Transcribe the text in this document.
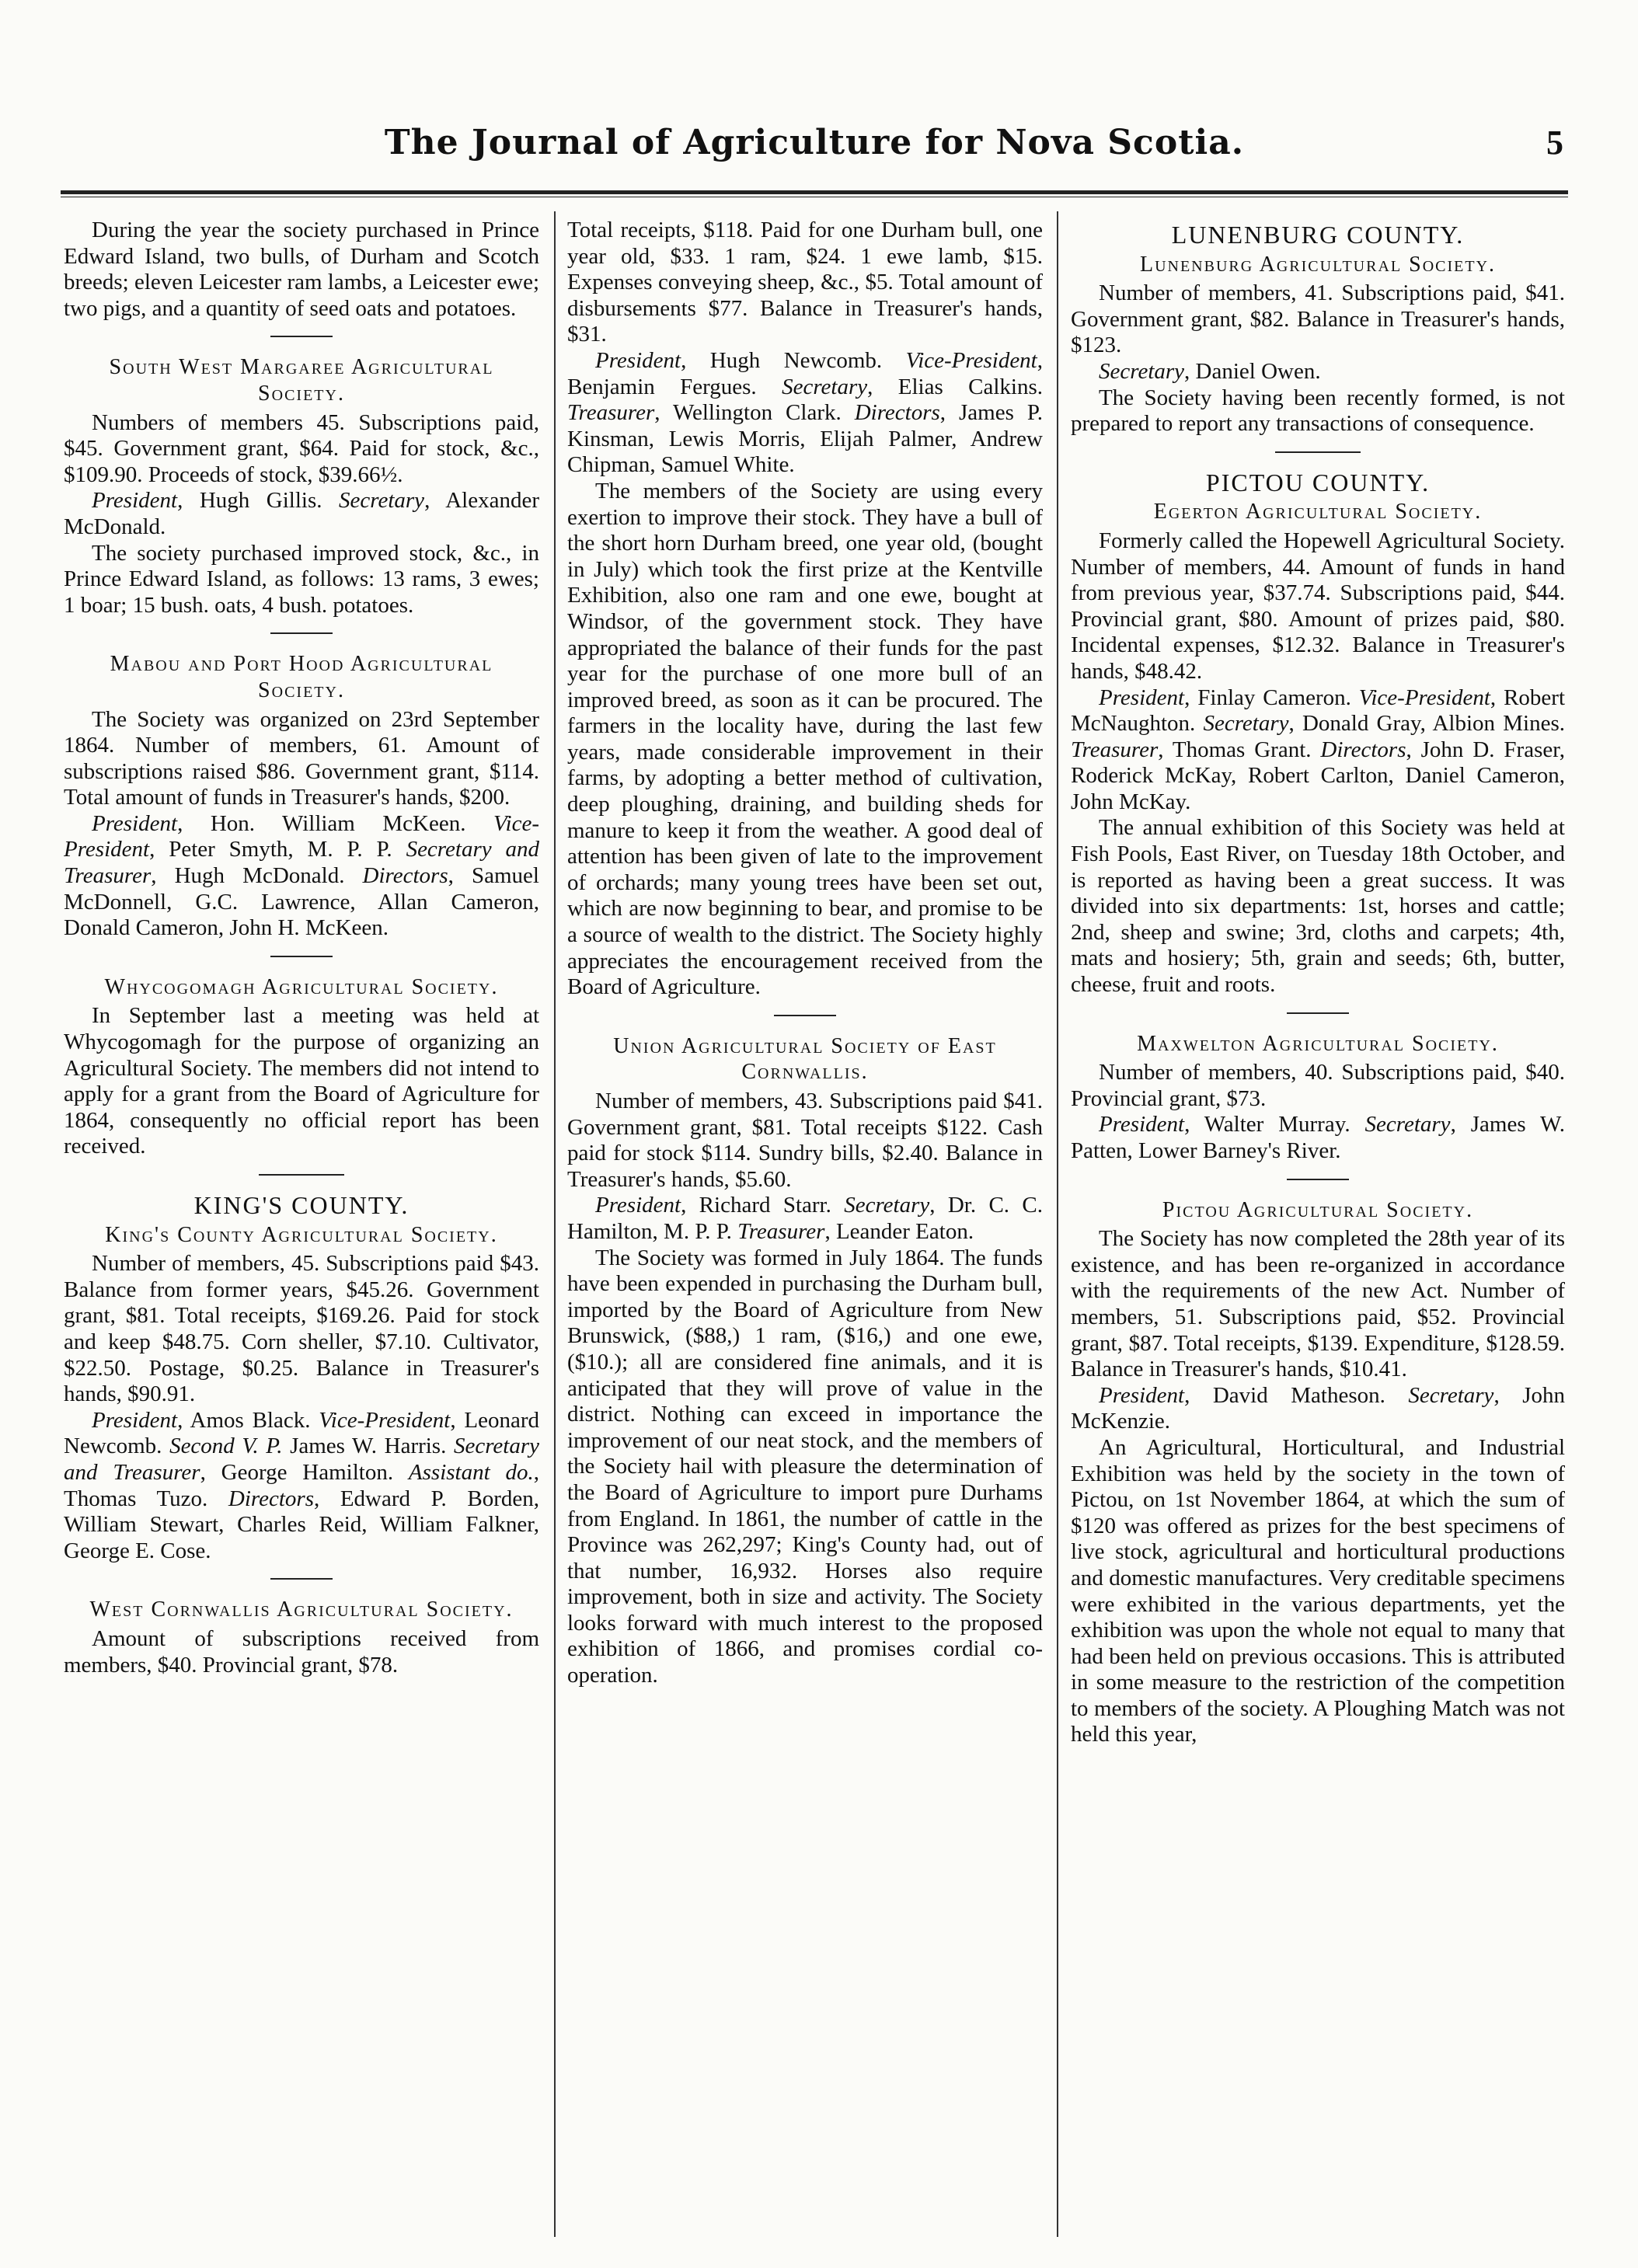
The Journal of Agriculture for Nova Scotia.	5

During the year the society purchased in Prince Edward Island, two bulls, of Durham and Scotch breeds; eleven Leicester ram lambs, a Leicester ewe; two pigs, and a quantity of seed oats and potatoes.

South West Margaree Agricultural Society.

Numbers of members 45. Subscriptions paid, $45. Government grant, $64. Paid for stock, &c., $109.90. Proceeds of stock, $39.66½.

President, Hugh Gillis. Secretary, Alexander McDonald.

The society purchased improved stock, &c., in Prince Edward Island, as follows: 13 rams, 3 ewes; 1 boar; 15 bush. oats, 4 bush. potatoes.

Mabou and Port Hood Agricultural Society.

The Society was organized on 23rd September 1864. Number of members, 61. Amount of subscriptions raised $86. Government grant, $114. Total amount of funds in Treasurer's hands, $200.

President, Hon. William McKeen. Vice-President, Peter Smyth, M. P. P. Secretary and Treasurer, Hugh McDonald. Directors, Samuel McDonnell, G.C. Lawrence, Allan Cameron, Donald Cameron, John H. McKeen.

Whycogomagh Agricultural Society.

In September last a meeting was held at Whycogomagh for the purpose of organizing an Agricultural Society. The members did not intend to apply for a grant from the Board of Agriculture for 1864, consequently no official report has been received.

KING'S COUNTY.
King's County Agricultural Society.

Number of members, 45. Subscriptions paid $43. Balance from former years, $45.26. Government grant, $81. Total receipts, $169.26. Paid for stock and keep $48.75. Corn sheller, $7.10. Cultivator, $22.50. Postage, $0.25. Balance in Treasurer's hands, $90.91.

President, Amos Black. Vice-President, Leonard Newcomb. Second V. P. James W. Harris. Secretary and Treasurer, George Hamilton. Assistant do., Thomas Tuzo. Directors, Edward P. Borden, William Stewart, Charles Reid, William Falkner, George E. Cose.

West Cornwallis Agricultural Society.

Amount of subscriptions received from members, $40. Provincial grant, $78.

Total receipts, $118. Paid for one Durham bull, one year old, $33. 1 ram, $24. 1 ewe lamb, $15. Expenses conveying sheep, &c., $5. Total amount of disbursements $77. Balance in Treasurer's hands, $31.

President, Hugh Newcomb. Vice-President, Benjamin Fergues. Secretary, Elias Calkins. Treasurer, Wellington Clark. Directors, James P. Kinsman, Lewis Morris, Elijah Palmer, Andrew Chipman, Samuel White.

The members of the Society are using every exertion to improve their stock. They have a bull of the short horn Durham breed, one year old, (bought in July) which took the first prize at the Kentville Exhibition, also one ram and one ewe, bought at Windsor, of the government stock. They have appropriated the balance of their funds for the past year for the purchase of one more bull of an improved breed, as soon as it can be procured. The farmers in the locality have, during the last few years, made considerable improvement in their farms, by adopting a better method of cultivation, deep ploughing, draining, and building sheds for manure to keep it from the weather. A good deal of attention has been given of late to the improvement of orchards; many young trees have been set out, which are now beginning to bear, and promise to be a source of wealth to the district. The Society highly appreciates the encouragement received from the Board of Agriculture.

Union Agricultural Society of East Cornwallis.

Number of members, 43. Subscriptions paid $41. Government grant, $81. Total receipts $122. Cash paid for stock $114. Sundry bills, $2.40. Balance in Treasurer's hands, $5.60.

President, Richard Starr. Secretary, Dr. C. C. Hamilton, M. P. P. Treasurer, Leander Eaton.

The Society was formed in July 1864. The funds have been expended in purchasing the Durham bull, imported by the Board of Agriculture from New Brunswick, ($88,) 1 ram, ($16,) and one ewe, ($10.); all are considered fine animals, and it is anticipated that they will prove of value in the district. Nothing can exceed in importance the improvement of our neat stock, and the members of the Society hail with pleasure the determination of the Board of Agriculture to import pure Durhams from England. In 1861, the number of cattle in the Province was 262,297; King's County had, out of that number, 16,932. Horses also require improvement, both in size and activity. The Society looks forward with much interest to the proposed exhibition of 1866, and promises cordial co-operation.

LUNENBURG COUNTY.
Lunenburg Agricultural Society.

Number of members, 41. Subscriptions paid, $41. Government grant, $82. Balance in Treasurer's hands, $123.

Secretary, Daniel Owen.

The Society having been recently formed, is not prepared to report any transactions of consequence.

PICTOU COUNTY.
Egerton Agricultural Society.

Formerly called the Hopewell Agricultural Society. Number of members, 44. Amount of funds in hand from previous year, $37.74. Subscriptions paid, $44. Provincial grant, $80. Amount of prizes paid, $80. Incidental expenses, $12.32. Balance in Treasurer's hands, $48.42.

President, Finlay Cameron. Vice-President, Robert McNaughton. Secretary, Donald Gray, Albion Mines. Treasurer, Thomas Grant. Directors, John D. Fraser, Roderick McKay, Robert Carlton, Daniel Cameron, John McKay.

The annual exhibition of this Society was held at Fish Pools, East River, on Tuesday 18th October, and is reported as having been a great success. It was divided into six departments: 1st, horses and cattle; 2nd, sheep and swine; 3rd, cloths and carpets; 4th, mats and hosiery; 5th, grain and seeds; 6th, butter, cheese, fruit and roots.

Maxwelton Agricultural Society.

Number of members, 40. Subscriptions paid, $40. Provincial grant, $73.

President, Walter Murray. Secretary, James W. Patten, Lower Barney's River.

Pictou Agricultural Society.

The Society has now completed the 28th year of its existence, and has been re-organized in accordance with the requirements of the new Act. Number of members, 51. Subscriptions paid, $52. Provincial grant, $87. Total receipts, $139. Expenditure, $128.59. Balance in Treasurer's hands, $10.41.

President, David Matheson. Secretary, John McKenzie.

An Agricultural, Horticultural, and Industrial Exhibition was held by the society in the town of Pictou, on 1st November 1864, at which the sum of $120 was offered as prizes for the best specimens of live stock, agricultural and horticultural productions and domestic manufactures. Very creditable specimens were exhibited in the various departments, yet the exhibition was upon the whole not equal to many that had been held on previous occasions. This is attributed in some measure to the restriction of the competition to members of the society. A Ploughing Match was not held this year,
